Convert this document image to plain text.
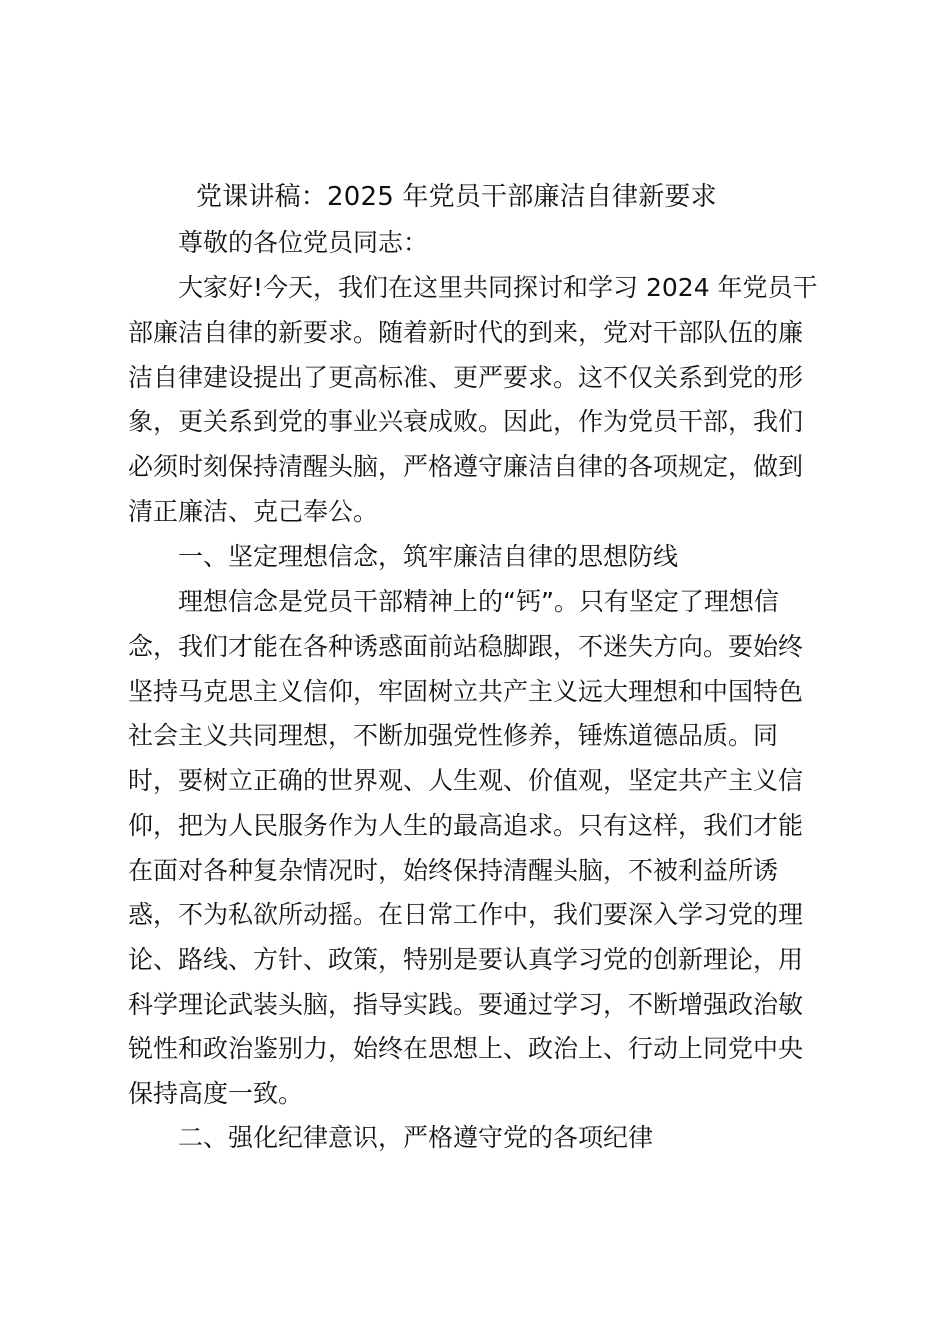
党课讲稿：2025 年党员干部廉洁自律新要求
尊敬的各位党员同志：
大家好!今天，我们在这里共同探讨和学习 2024 年党员干
部廉洁自律的新要求。随着新时代的到来，党对干部队伍的廉
洁自律建设提出了更高标准、更严要求。这不仅关系到党的形
象，更关系到党的事业兴衰成败。因此，作为党员干部，我们
必须时刻保持清醒头脑，严格遵守廉洁自律的各项规定，做到
清正廉洁、克己奉公。
一、坚定理想信念，筑牢廉洁自律的思想防线
理想信念是党员干部精神上的“钙”。只有坚定了理想信
念，我们才能在各种诱惑面前站稳脚跟，不迷失方向。要始终
坚持马克思主义信仰，牢固树立共产主义远大理想和中国特色
社会主义共同理想，不断加强党性修养，锤炼道德品质。同
时，要树立正确的世界观、人生观、价值观，坚定共产主义信
仰，把为人民服务作为人生的最高追求。只有这样，我们才能
在面对各种复杂情况时，始终保持清醒头脑，不被利益所诱
惑，不为私欲所动摇。在日常工作中，我们要深入学习党的理
论、路线、方针、政策，特别是要认真学习党的创新理论，用
科学理论武装头脑，指导实践。要通过学习，不断增强政治敏
锐性和政治鉴别力，始终在思想上、政治上、行动上同党中央
保持高度一致。
二、强化纪律意识，严格遵守党的各项纪律
